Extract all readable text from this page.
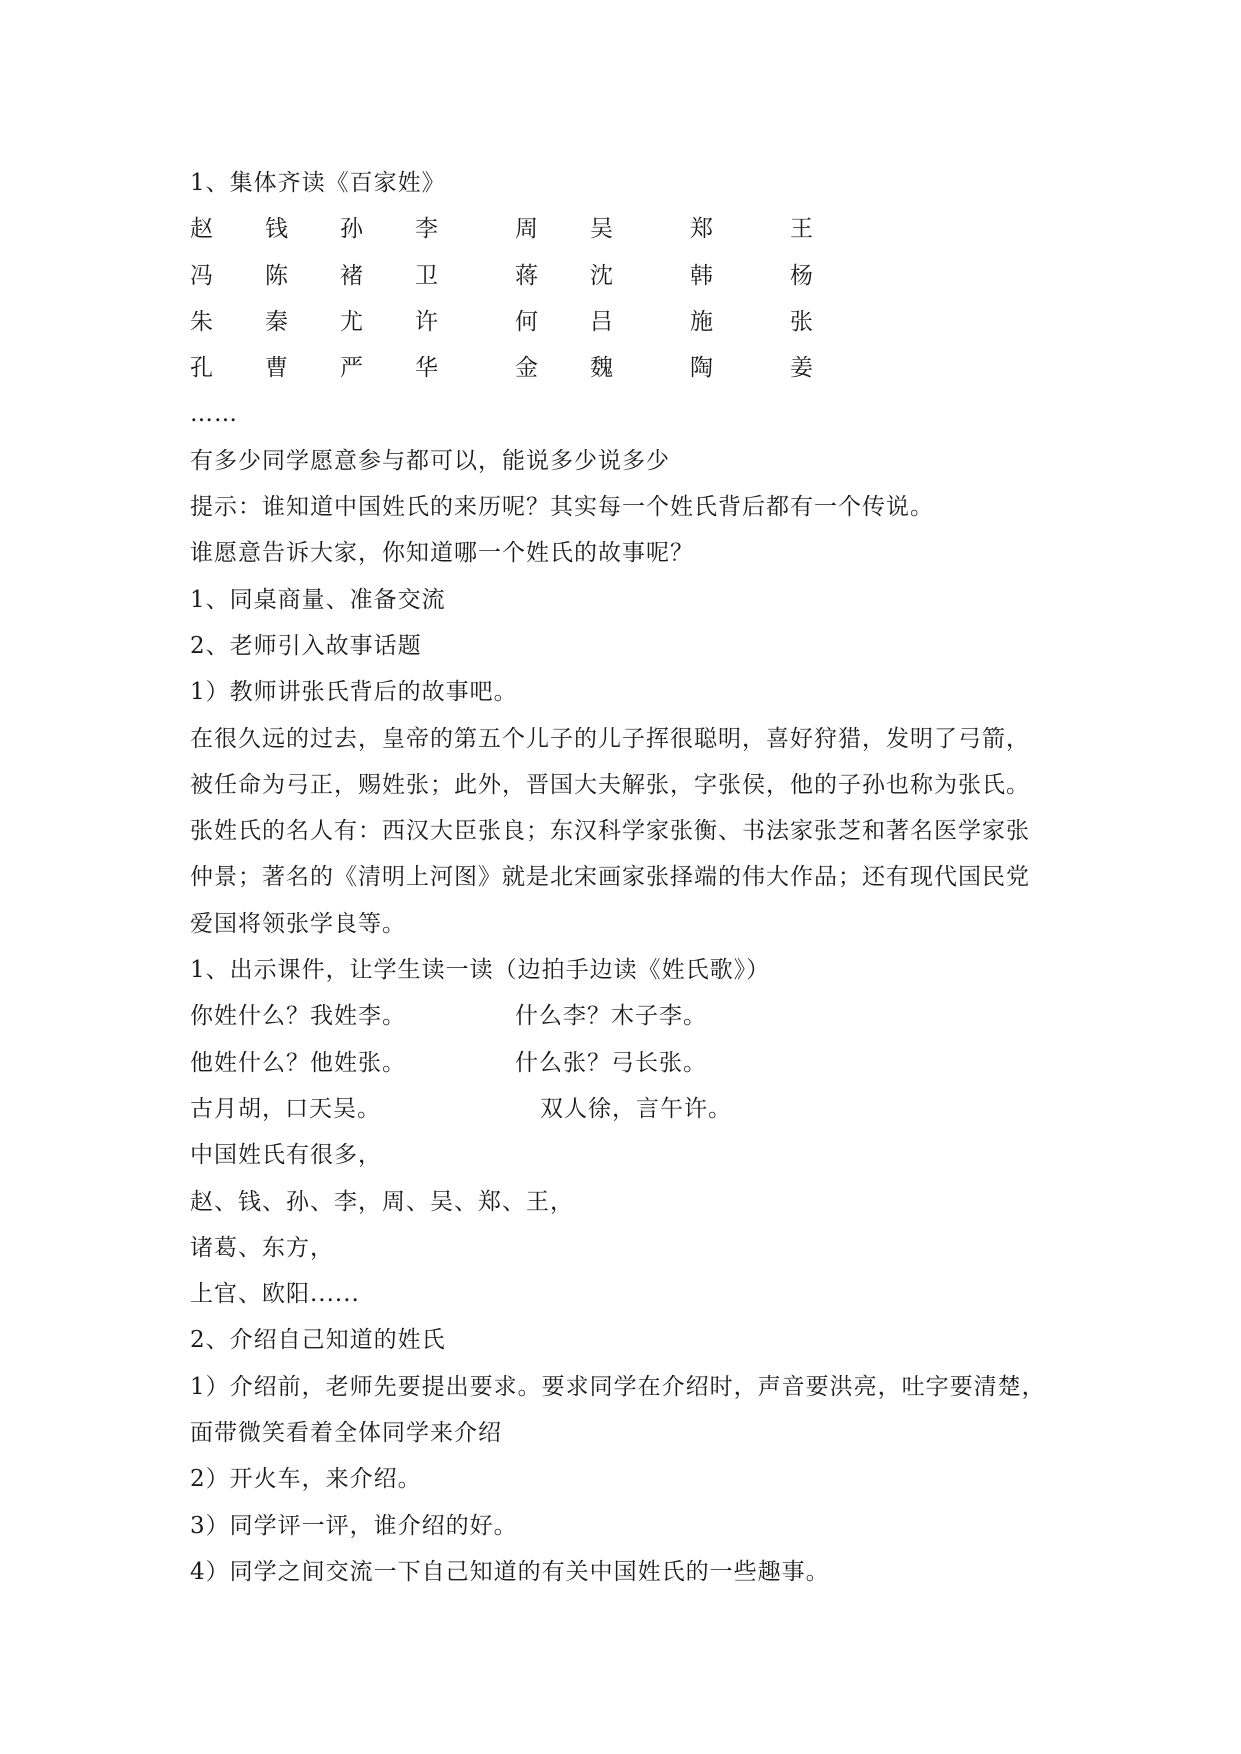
1、集体齐读《百家姓》
赵 钱 孙 李	周 吴	郑	王
冯 陈 褚 卫	蒋 沈	韩	杨
朱 秦 尤 许	何 吕	施	张
孔 曹 严 华	金 魏	陶	姜
……
有多少同学愿意参与都可以，能说多少说多少
提示：谁知道中国姓氏的来历呢？其实每一个姓氏背后都有一个传说。
谁愿意告诉大家，你知道哪一个姓氏的故事呢？
1、同桌商量、准备交流
2、老师引入故事话题
1）教师讲张氏背后的故事吧。
在很久远的过去，皇帝的第五个儿子的儿子挥很聪明，喜好狩猎，发明了弓箭，
被任命为弓正，赐姓张；此外，晋国大夫解张，字张侯，他的子孙也称为张氏。
张姓氏的名人有：西汉大臣张良；东汉科学家张衡、书法家张芝和著名医学家张
仲景；著名的《清明上河图》就是北宋画家张择端的伟大作品；还有现代国民党
爱国将领张学良等。
1、出示课件，让学生读一读（边拍手边读《姓氏歌》）
你姓什么？我姓李。	什么李？木子李。
他姓什么？他姓张。	什么张？弓长张。
古月胡， 口天吴。	双人徐，言午许。
中国姓氏有很多，
赵、钱、孙、李，周、吴、郑、王，
诸葛、东方，
上官、欧阳......
2、介绍自己知道的姓氏
1）介绍前，老师先要提出要求。要求同学在介绍时，声音要洪亮，吐字要清楚，
面带微笑看着全体同学来介绍
2）开火车，来介绍。
3）同学评一评，谁介绍的好。
4）同学之间交流一下自己知道的有关中国姓氏的一些趣事。
